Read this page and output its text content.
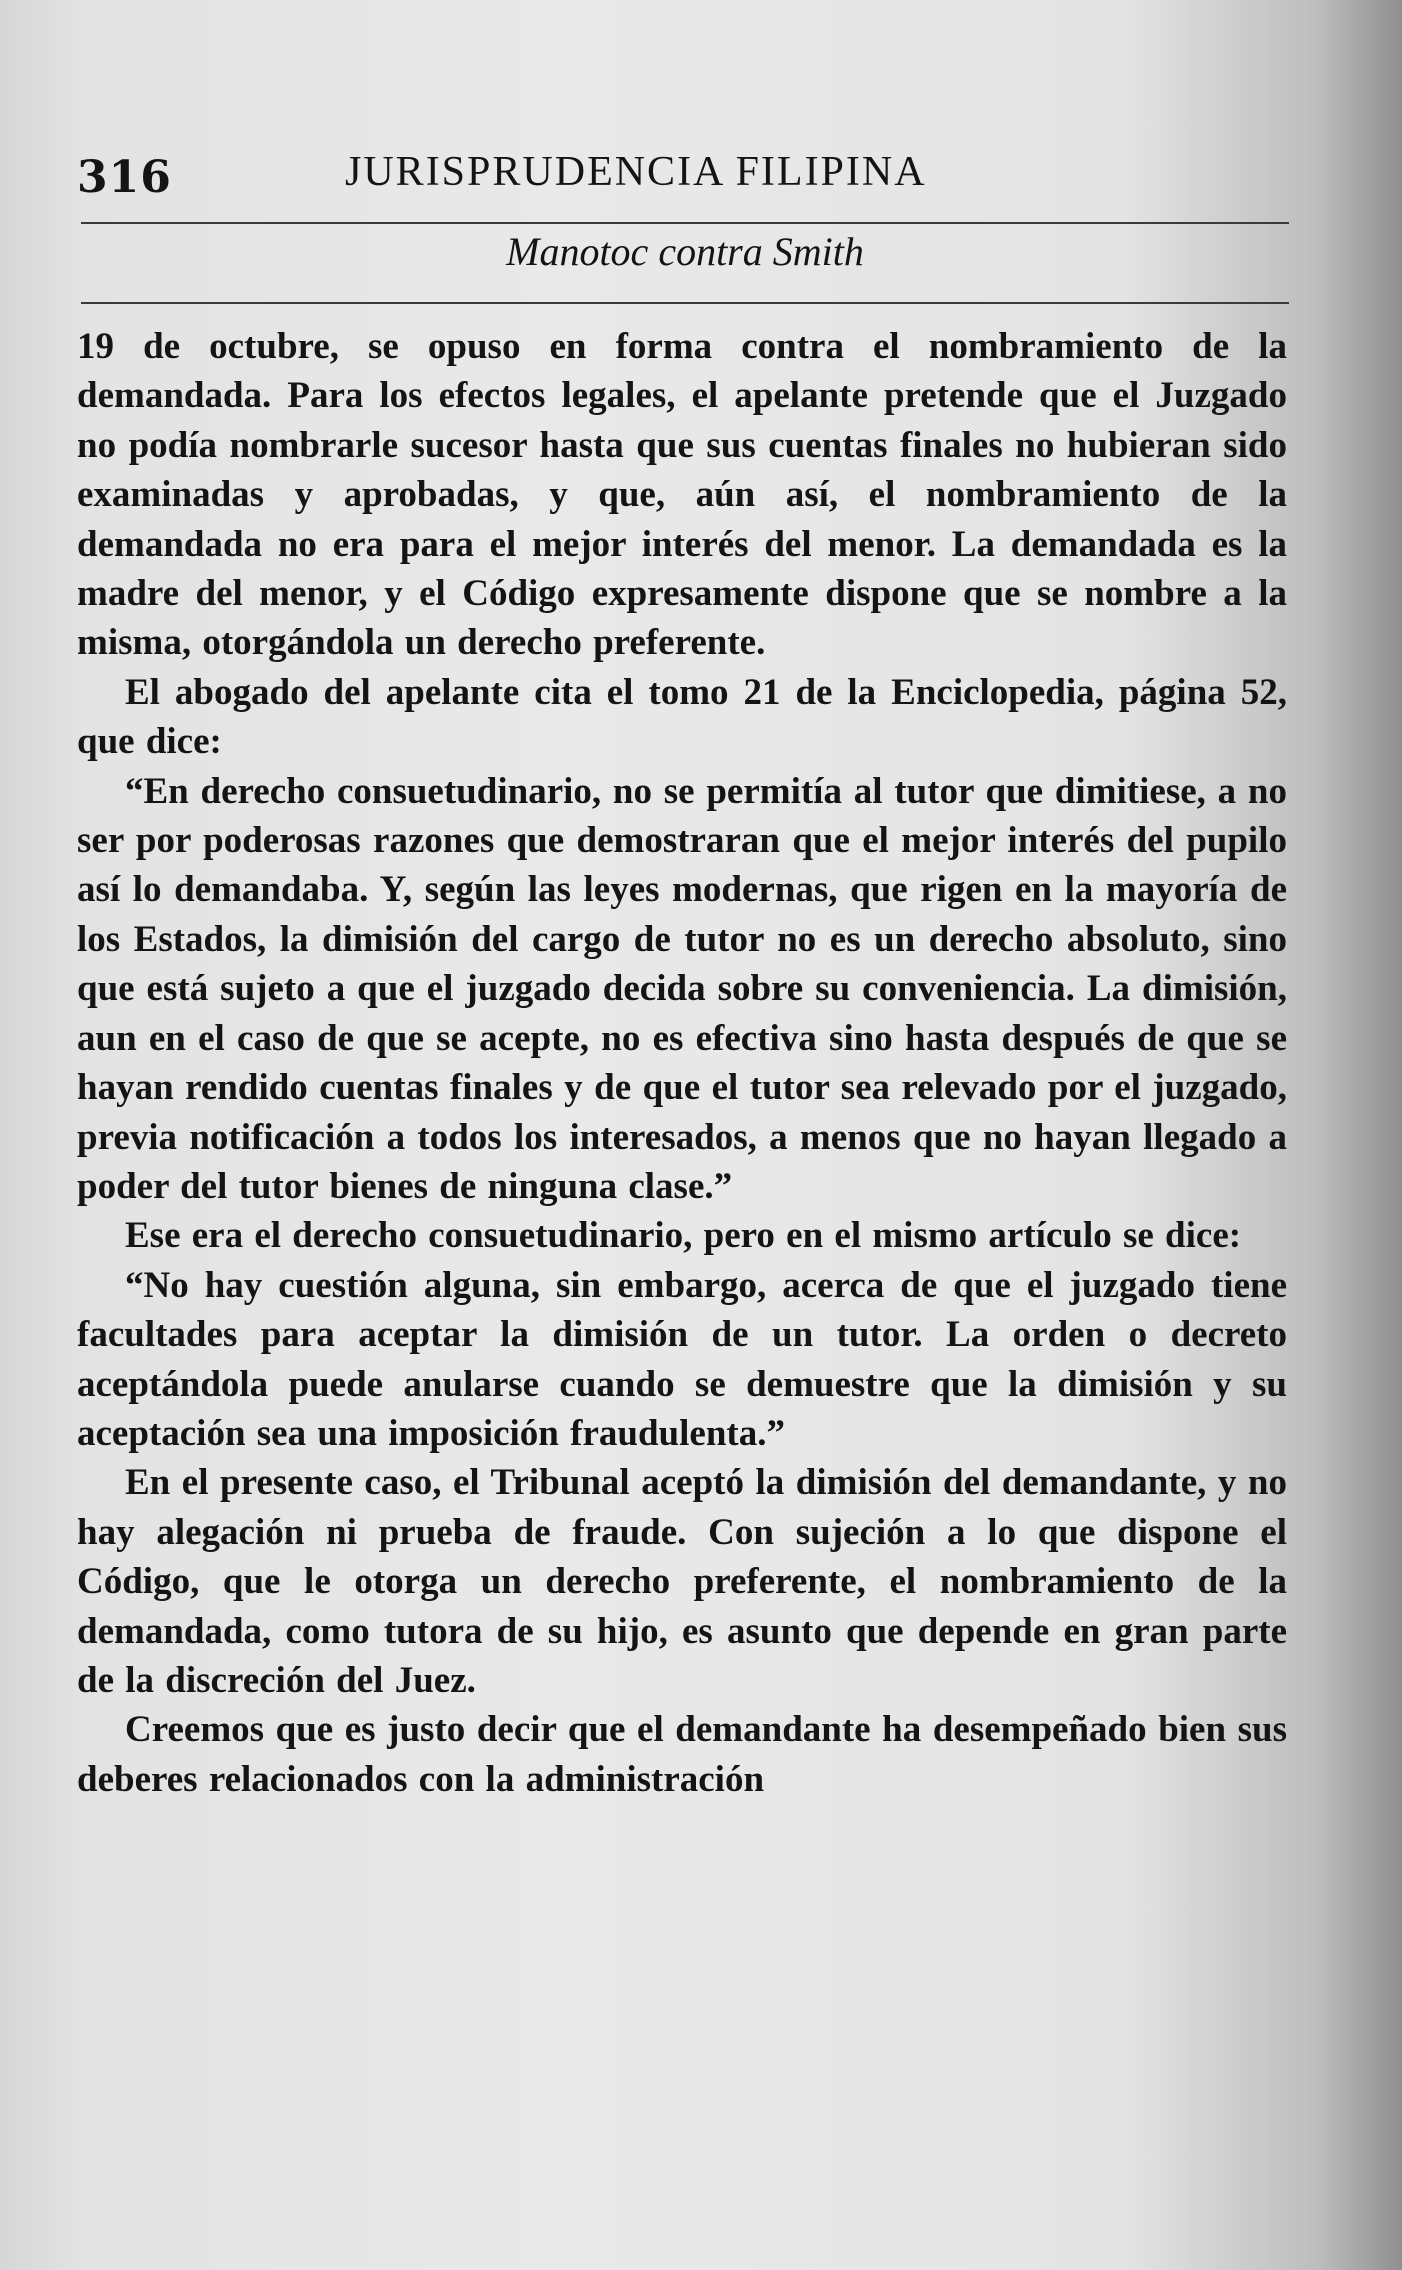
316	JURISPRUDENCIA FILIPINA
Manotoc contra Smith

19 de octubre, se opuso en forma contra el nombramiento de la demandada. Para los efectos legales, el apelante pretende que el Juzgado no podía nombrarle sucesor hasta que sus cuentas finales no hubieran sido examinadas y aprobadas, y que, aún así, el nombramiento de la demandada no era para el mejor interés del menor. La demandada es la madre del menor, y el Código expresamente dispone que se nombre a la misma, otorgándola un derecho preferente.

El abogado del apelante cita el tomo 21 de la Enciclopedia, página 52, que dice:

“En derecho consuetudinario, no se permitía al tutor que dimitiese, a no ser por poderosas razones que demostraran que el mejor interés del pupilo así lo demandaba. Y, según las leyes modernas, que rigen en la mayoría de los Estados, la dimisión del cargo de tutor no es un derecho absoluto, sino que está sujeto a que el juzgado decida sobre su conveniencia. La dimisión, aun en el caso de que se acepte, no es efectiva sino hasta después de que se hayan rendido cuentas finales y de que el tutor sea relevado por el juzgado, previa notificación a todos los interesados, a menos que no hayan llegado a poder del tutor bienes de ninguna clase.”

Ese era el derecho consuetudinario, pero en el mismo artículo se dice:

“No hay cuestión alguna, sin embargo, acerca de que el juzgado tiene facultades para aceptar la dimisión de un tutor. La orden o decreto aceptándola puede anularse cuando se demuestre que la dimisión y su aceptación sea una imposición fraudulenta.”

En el presente caso, el Tribunal aceptó la dimisión del demandante, y no hay alegación ni prueba de fraude. Con sujeción a lo que dispone el Código, que le otorga un derecho preferente, el nombramiento de la demandada, como tutora de su hijo, es asunto que depende en gran parte de la discreción del Juez.

Creemos que es justo decir que el demandante ha desempeñado bien sus deberes relacionados con la administración
